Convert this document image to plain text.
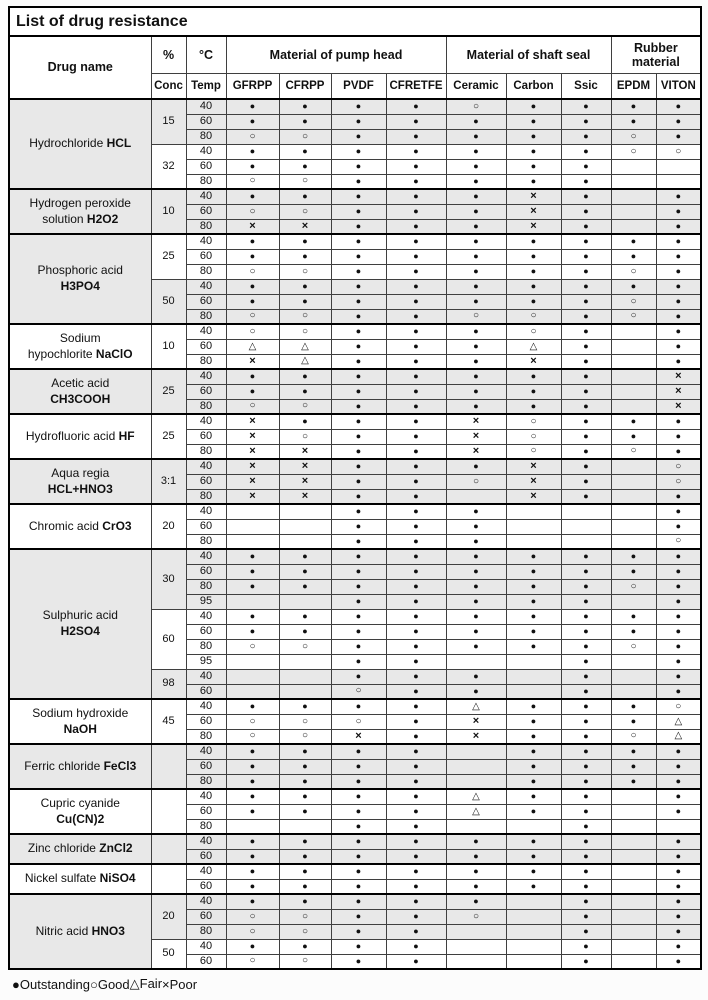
List of drug resistance											
Drug name	%	°C	Material of pump head				Material of shaft seal			Rubber material	
	Conc	Temp	GFRPP	CFRPP	PVDF	CFRETFE	Ceramic	Carbon	Ssic	EPDM	VITON

Hydrochloride HCL	15	40	●	●	●	●	○	●	●	●	●
		60	●	●	●	●	●	●	●	●	●
		80	○	○	●	●	●	●	●	○	●
	32	40	●	●	●	●	●	●	●	○	○
		60	●	●	●	●	●	●	●		
		80	○	○	●	●	●	●	●		

Hydrogen peroxide
solution H2O2	10	40	●	●	●	●	●	×	●		●
		60	○	○	●	●	●	×	●		●
		80	×	×	●	●	●	×	●		●

Phosphoric acid
H3PO4	25	40	●	●	●	●	●	●	●	●	●
		60	●	●	●	●	●	●	●	●	●
		80	○	○	●	●	●	●	●	○	●
	50	40	●	●	●	●	●	●	●	●	●
		60	●	●	●	●	●	●	●	○	●
		80	○	○	●	●	○	○	●	○	●

Sodium
hypochlorite NaClO	10	40	○	○	●	●	●	○	●		●
		60	△	△	●	●	●	△	●		●
		80	×	△	●	●	●	×	●		●

Acetic acid
CH3COOH	25	40	●	●	●	●	●	●	●		×
		60	●	●	●	●	●	●	●		×
		80	○	○	●	●	●	●	●		×

Hydrofluoric acid HF	25	40	×	●	●	●	×	○	●	●	●
		60	×	○	●	●	×	○	●	●	●
		80	×	×	●	●	×	○	●	○	●

Aqua regia
HCL+HNO3	3:1	40	×	×	●	●	●	×	●		○
		60	×	×	●	●	○	×	●		○
		80	×	×	●	●		×	●		●

Chromic acid CrO3	20	40			●	●	●				●
		60			●	●	●				●
		80			●	●	●				○

Sulphuric acid
H2SO4	30	40	●	●	●	●	●	●	●	●	●
		60	●	●	●	●	●	●	●	●	●
		80	●	●	●	●	●	●	●	○	●
		95			●	●	●	●	●		●
	60	40	●	●	●	●	●	●	●	●	●
		60	●	●	●	●	●	●	●	●	●
		80	○	○	●	●	●	●	●	○	●
		95			●	●			●		●
	98	40			●	●	●		●		●
		60			○	●	●		●		●

Sodium hydroxide
NaOH	45	40	●	●	●	●	△	●	●	●	○
		60	○	○	○	●	×	●	●	●	△
		80	○	○	×	●	×	●	●	○	△

Ferric chloride FeCl3		40	●	●	●	●		●	●	●	●
		60	●	●	●	●		●	●	●	●
		80	●	●	●	●		●	●	●	●

Cupric cyanide
Cu(CN)2		40	●	●	●	●	△	●	●		●
		60	●	●	●	●	△	●	●		●
		80			●	●			●		

Zinc chloride ZnCl2		40	●	●	●	●	●	●	●		●
		60	●	●	●	●	●	●	●		●

Nickel sulfate NiSO4		40	●	●	●	●	●	●	●		●
		60	●	●	●	●	●	●	●		●

Nitric acid HNO3	20	40	●	●	●	●	●		●		●
		60	○	○	●	●	○		●		●
		80	○	○	●	●			●		●
	50	40	●	●	●	●			●		●
		60	○	○	●	●			●		●
●Outstanding ○Good △Fair ×Poor
